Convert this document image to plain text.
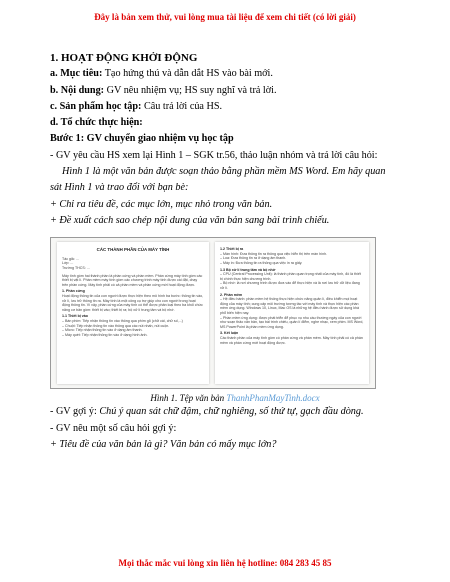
Đây là bản xem thử, vui lòng mua tài liệu để xem chi tiết (có lời giải)

1. HOẠT ĐỘNG KHỞI ĐỘNG

a. Mục tiêu: Tạo hứng thú và dẫn dắt HS vào bài mới.

b. Nội dung: GV nêu nhiệm vụ; HS suy nghĩ và trả lời.

c. Sản phẩm học tập: Câu trả lời của HS.

d. Tổ chức thực hiện:

Bước 1: GV chuyển giao nhiệm vụ học tập

- GV yêu cầu HS xem lại Hình 1 – SGK tr.56, thảo luận nhóm và trả lời câu hỏi:

Hình 1 là một văn bản được soạn thảo bằng phần mềm MS Word. Em hãy quan

sát Hình 1 và trao đổi với bạn bè:

+ Chỉ ra tiêu đề, các mục lớn, mục nhỏ trong văn bản.

+ Đề xuất cách sao chép nội dung của văn bản sang bài trình chiếu.

CÁC THÀNH PHẦN CỦA MÁY TÍNH
Tác giả: ...
Lớp: ...
Trường THCS: ...
Máy tính gồm hai thành phần là phần cứng và phần mềm. Phần cứng máy tính gồm các thiết bị vật lí. Phần mềm máy tính gồm các chương trình máy tính được cài đặt, chạy trên phần cứng. Máy tính phải có cả phần mềm và phần cứng mới hoạt động được.
1. Phần cứng
Hoạt động thông tin của con người được thực hiện theo mô hình ba bước: thông tin vào, xử lí, lưu trữ thông tin ra. Máy tính là một công cụ trợ giúp cho con người trong hoạt động thông tin. Vì vậy, phần cứng của máy tính có thể được phân loại theo ba khối chức năng cơ bản gồm: thiết bị vào; thiết bị ra; bộ xử lí trung tâm và bộ nhớ.
1.1 Thiết bị vào
– Bàn phím: Tiếp nhận thông tin vào thông qua phím gõ (chữ cái, chữ số,...)
– Chuột: Tiếp nhận thông tin vào thông qua các nút nhấn, nút cuộn.
– Micro: Tiếp nhận thông tin vào ở dạng âm thanh.
– Máy quét: Tiếp nhận thông tin vào ở dạng hình ảnh.
1.2 Thiết bị ra
– Màn hình: Đưa thông tin ra thông qua việc hiển thị trên màn hình.
– Loa: Đưa thông tin ra ở dạng âm thanh.
– Máy in: Đưa thông tin ra thông qua việc in ra giấy.
1.3 Bộ xử lí trung tâm và bộ nhớ
– CPU (Central Processing Unit): là thành phần quan trọng nhất của máy tính, đó là thiết bị chính thực hiện chương trình.
– Bộ nhớ: là nơi chương trình được đưa vào để thực hiện và là nơi lưu trữ dữ liệu đang xử lí.
2. Phần mềm
– Hệ điều hành: phần mềm hệ thống thực hiện chức năng quản lí, điều khiển mọi hoạt động của máy tính; cung cấp môi trường tương tác với máy tính và thực hiện các phần mềm ứng dụng. Windows 10, Linux, Mac OS là những hệ điều hành được sử dụng khá phổ biến hiện nay.
– Phần mềm ứng dụng: được phát triển để phục vụ nhu cầu thường ngày của con người như soạn thảo văn bản, tạo bài trình chiếu, quản lí điểm, nghe nhạc, xem phim. MS Word, MS PowerPoint là phần mềm ứng dụng.
3. Kết luận
Các thành phần của máy tính gồm có phần cứng và phần mềm. Máy tính phải có cả phần mềm và phần cứng mới hoạt động được.
Hình 1. Tệp văn bản ThanhPhanMayTinh.docx

- GV gợi ý: Chú ý quan sát chữ đậm, chữ nghiêng, số thứ tự, gạch đầu dòng.

- GV nêu một số câu hỏi gợi ý:

+ Tiêu đề của văn bản là gì? Văn bản có mấy mục lớn?

Mọi thắc mắc vui lòng xin liên hệ hotline: 084 283 45 85
